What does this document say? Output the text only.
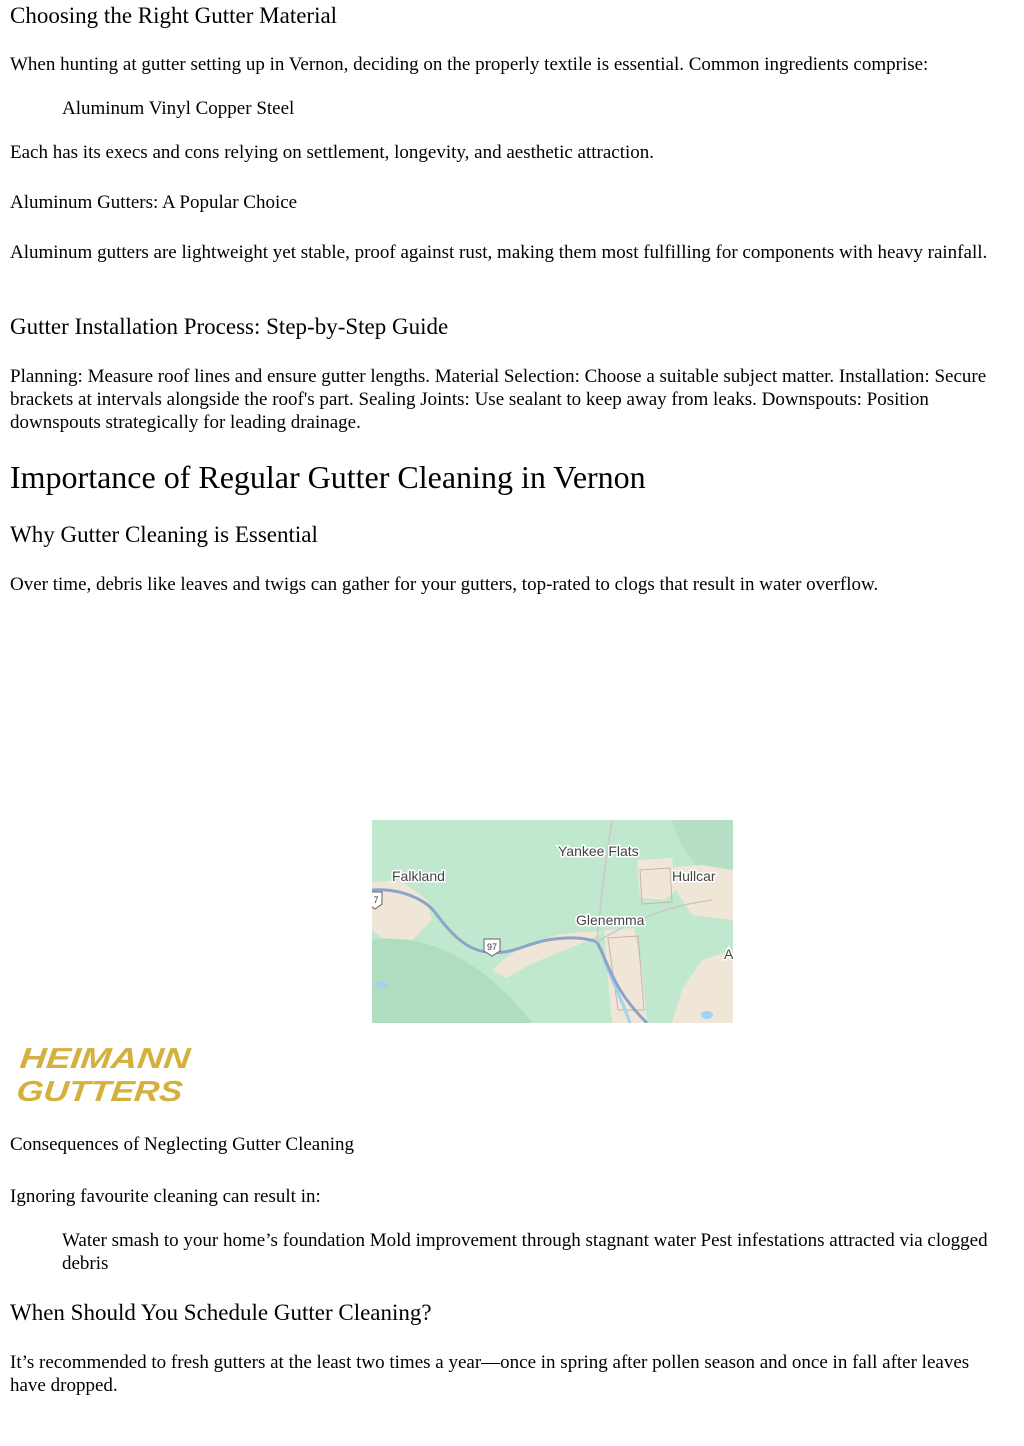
Choosing the Right Gutter Material

When hunting at gutter setting up in Vernon, deciding on the properly textile is essential. Common ingredients comprise:

Aluminum Vinyl Copper Steel

Each has its execs and cons relying on settlement, longevity, and aesthetic attraction.

Aluminum Gutters: A Popular Choice

Aluminum gutters are lightweight yet stable, proof against rust, making them most fulfilling for components with heavy rainfall.

Gutter Installation Process: Step-by-Step Guide

Planning: Measure roof lines and ensure gutter lengths. Material Selection: Choose a suitable subject matter. Installation: Secure brackets at intervals alongside the roof's part. Sealing Joints: Use sealant to keep away from leaks. Downspouts: Position downspouts strategically for leading drainage.

Importance of Regular Gutter Cleaning in Vernon
Why Gutter Cleaning is Essential

Over time, debris like leaves and twigs can gather for your gutters, top-rated to clogs that result in water overflow.

97
7
Yankee Flats
Falkland	Hullcar
Glenemma
A
HEIMANN
GUTTERS
Consequences of Neglecting Gutter Cleaning

Ignoring favourite cleaning can result in:

Water smash to your home’s foundation Mold improvement through stagnant water Pest infestations attracted via clogged debris

When Should You Schedule Gutter Cleaning?

It’s recommended to fresh gutters at the least two times a year—once in spring after pollen season and once in fall after leaves have dropped.
